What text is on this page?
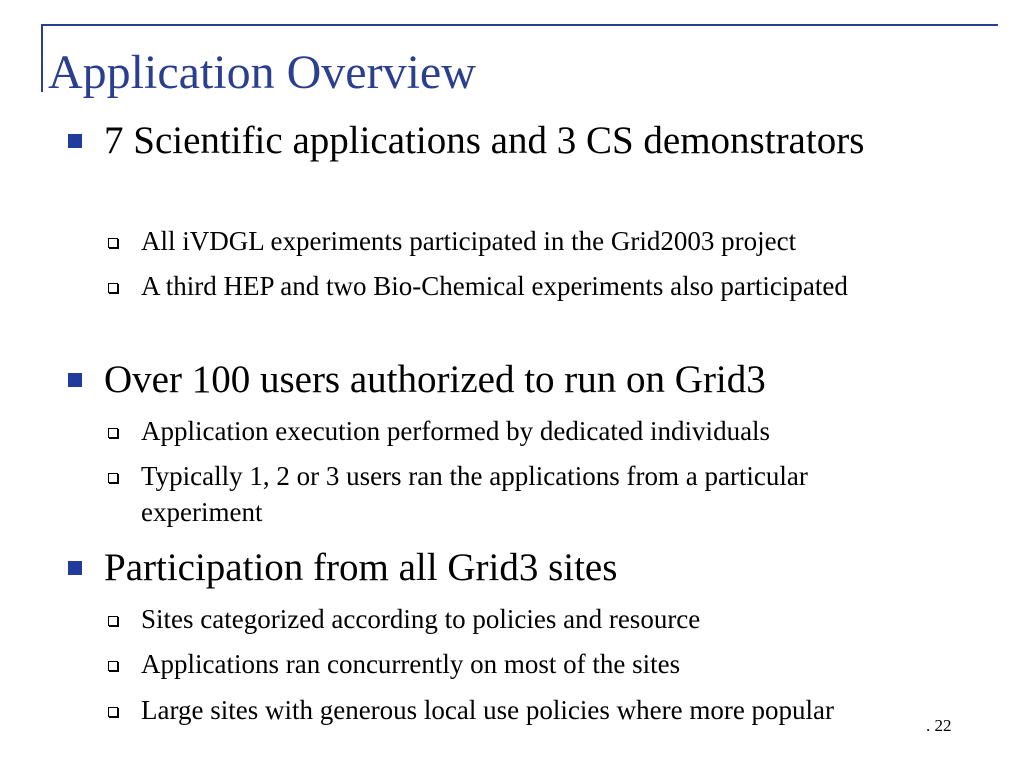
Application Overview
7 Scientific applications and 3 CS demonstrators
All iVDGL experiments participated in the Grid2003 project
A third HEP and two Bio-Chemical experiments also participated
Over 100 users authorized to run on Grid3
Application execution performed by dedicated individuals
Typically 1, 2 or 3 users ran the applications from a particular experiment
Participation from all Grid3 sites
Sites categorized according to policies and resource
Applications ran concurrently on most of the sites
Large sites with generous local use policies where more popular
. 22
